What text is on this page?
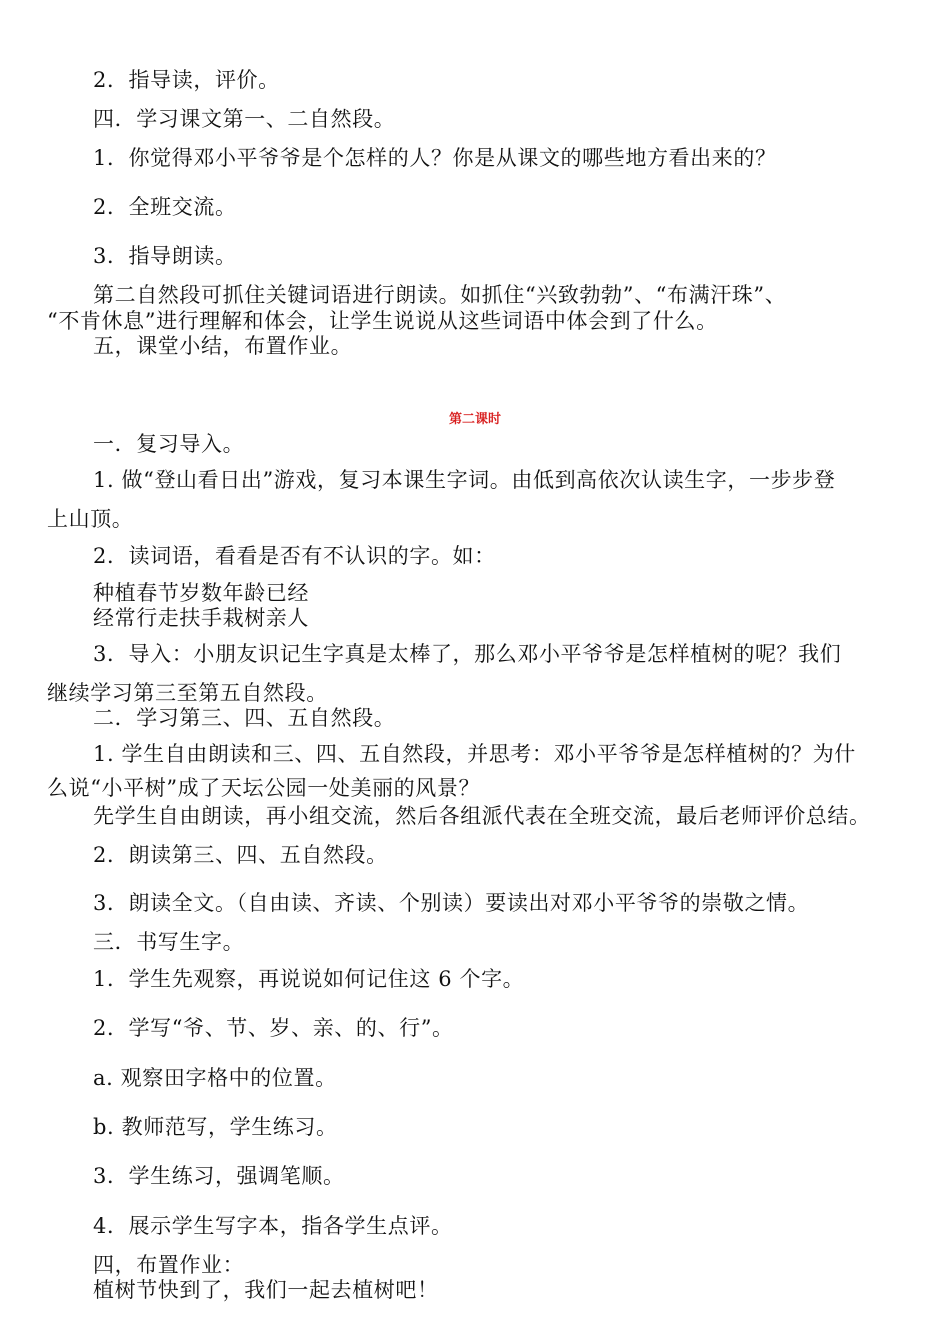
2．指导读，评价。
四．学习课文第一、二自然段。
1．你觉得邓小平爷爷是个怎样的人？你是从课文的哪些地方看出来的？
2．全班交流。
3．指导朗读。
第二自然段可抓住关键词语进行朗读。如抓住“兴致勃勃”、“布满汗珠”、
“不肯休息”进行理解和体会，让学生说说从这些词语中体会到了什么。
五，课堂小结，布置作业。
第二课时
一．复习导入。
1. 做“登山看日出”游戏，复习本课生字词。由低到高依次认读生字，一步步登
上山顶。
2．读词语，看看是否有不认识的字。如：
种植春节岁数年龄已经
经常行走扶手栽树亲人
3．导入：小朋友识记生字真是太棒了，那么邓小平爷爷是怎样植树的呢？我们
继续学习第三至第五自然段。
二．学习第三、四、五自然段。
1. 学生自由朗读和三、四、五自然段，并思考：邓小平爷爷是怎样植树的？为什
么说“小平树”成了天坛公园一处美丽的风景？
先学生自由朗读，再小组交流，然后各组派代表在全班交流，最后老师评价总结。
2．朗读第三、四、五自然段。
3．朗读全文。（自由读、齐读、个别读）要读出对邓小平爷爷的崇敬之情。
三．书写生字。
1．学生先观察，再说说如何记住这 6 个字。
2．学写“爷、节、岁、亲、的、行”。
a. 观察田字格中的位置。
b. 教师范写，学生练习。
3．学生练习，强调笔顺。
4．展示学生写字本，指各学生点评。
四，布置作业：
植树节快到了，我们一起去植树吧！
